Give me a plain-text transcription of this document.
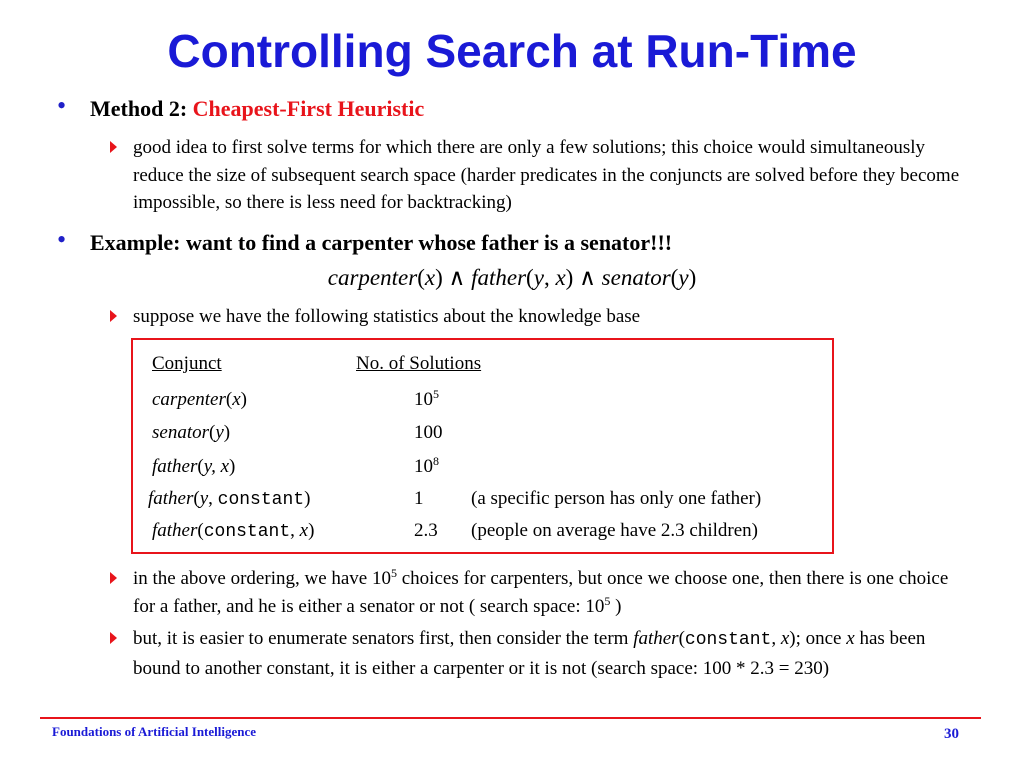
Controlling Search at Run-Time
• Method 2: Cheapest-First Heuristic
good idea to first solve terms for which there are only a few solutions; this choice would simultaneously reduce the size of subsequent search space (harder predicates in the conjuncts are solved before they become impossible, so there is less need for backtracking)
• Example: want to find a carpenter whose father is a senator!!!
carpenter(x) ∧ father(y, x) ∧ senator(y)
suppose we have the following statistics about the knowledge base
Conjunct	No. of Solutions
carpenter(x)	$10^5$
senator(y)	100
father(y, x)	$10^8$
father(y, constant)	1	(a specific person has only one father)
father(constant, x)	2.3 (people on average have 2.3 children)
in the above ordering, we have $10^5$ choices for carpenters, but once we choose one, then there is one choice for a father, and he is either a senator or not ( search space: $10^5$ )
but, it is easier to enumerate senators first, then consider the term father(constant, x); once x has been bound to another constant, it is either a carpenter or it is not (search space: 100 * 2.3 = 230)
Foundations of Artificial Intelligence	30
